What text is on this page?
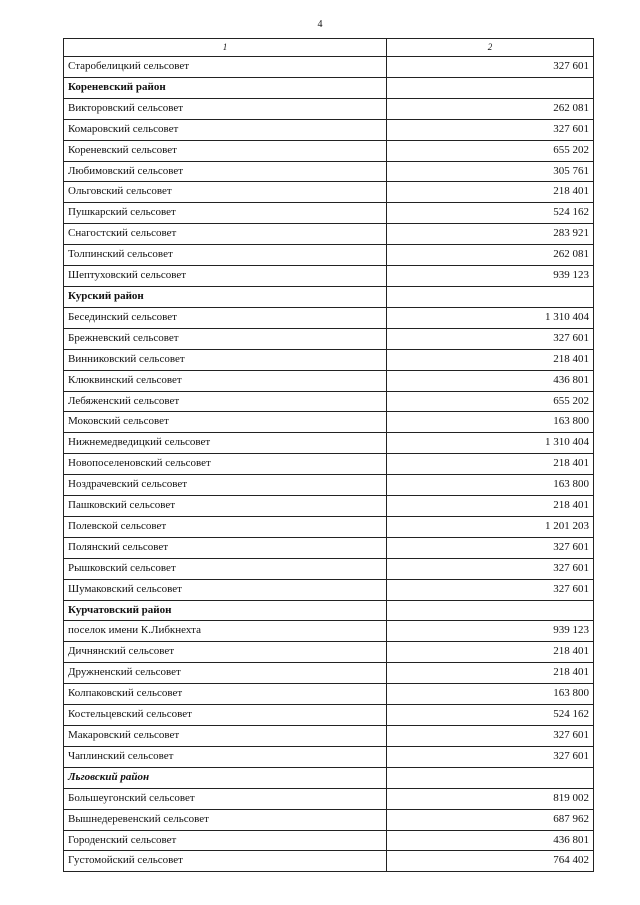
4
1	2
Старобелицкий сельсовет	327 601
Кореневский район	
Викторовский сельсовет	262 081
Комаровский сельсовет	327 601
Кореневский сельсовет	655 202
Любимовский сельсовет	305 761
Ольговский сельсовет	218 401
Пушкарский сельсовет	524 162
Снагостский сельсовет	283 921
Толпинский сельсовет	262 081
Шептуховский сельсовет	939 123
Курский район	
Бесединский сельсовет	1 310 404
Брежневский сельсовет	327 601
Винниковский сельсовет	218 401
Клюквинский сельсовет	436 801
Лебяженский сельсовет	655 202
Моковский сельсовет	163 800
Нижнемедведицкий сельсовет	1 310 404
Новопоселеновский сельсовет	218 401
Ноздрачевский сельсовет	163 800
Пашковский сельсовет	218 401
Полевской сельсовет	1 201 203
Полянский сельсовет	327 601
Рышковский сельсовет	327 601
Шумаковский сельсовет	327 601
Курчатовский район	
поселок имени К.Либкнехта	939 123
Дичнянский сельсовет	218 401
Дружненский сельсовет	218 401
Колпаковский сельсовет	163 800
Костельцевский сельсовет	524 162
Макаровский сельсовет	327 601
Чаплинский сельсовет	327 601
Льговский район	
Большеугонский сельсовет	819 002
Вышнедеревенский сельсовет	687 962
Городенский сельсовет	436 801
Густомойский сельсовет	764 402
